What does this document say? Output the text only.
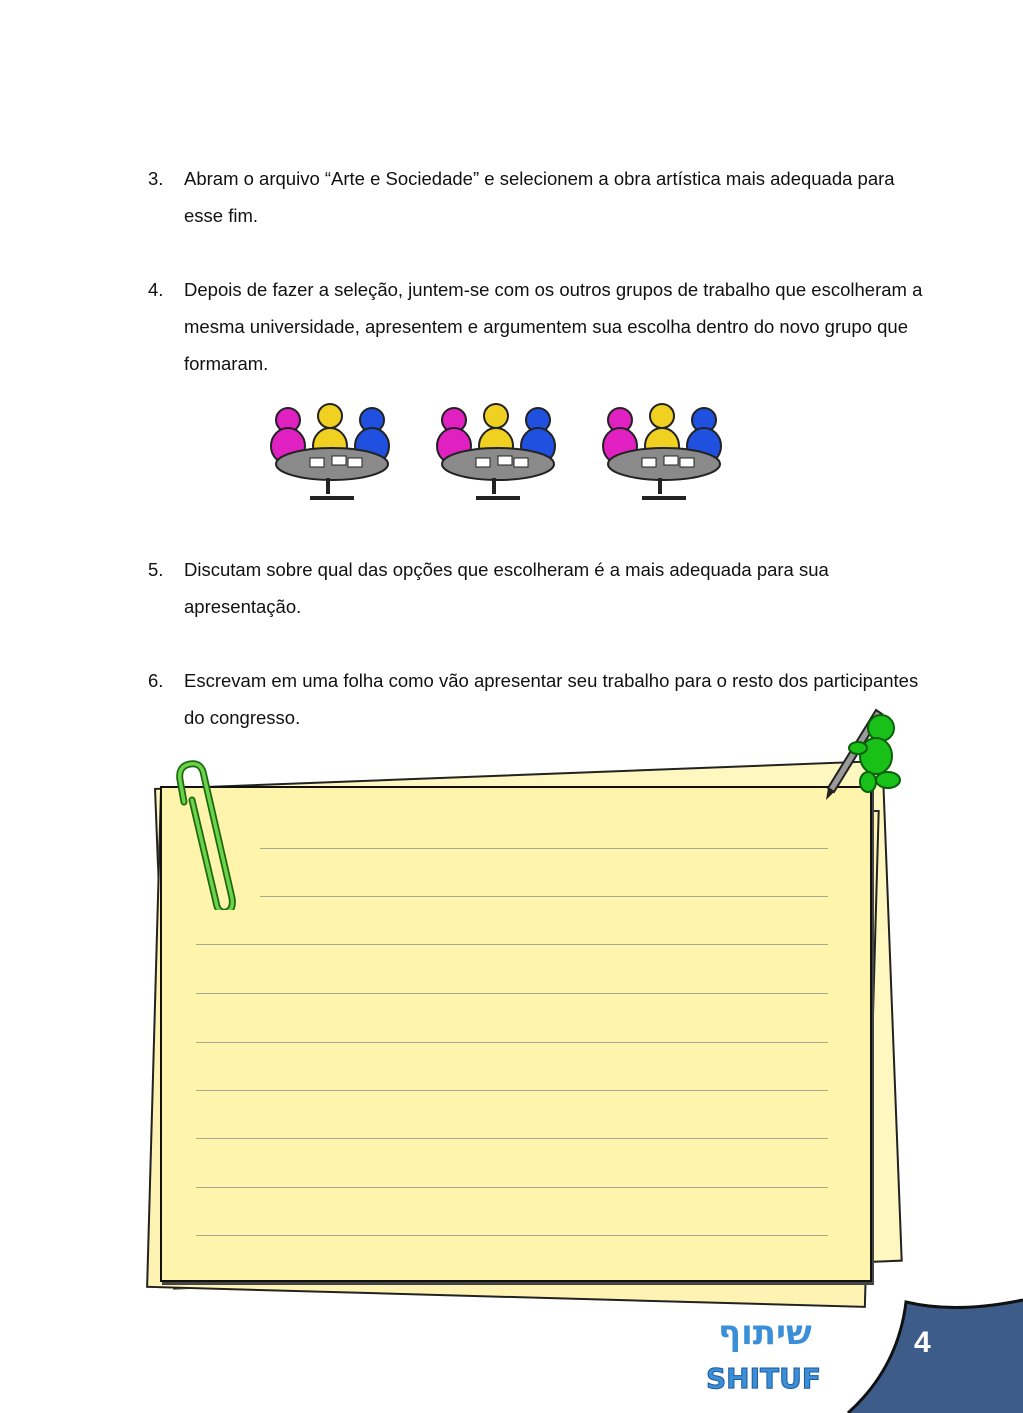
3.	Abram o arquivo “Arte e Sociedade” e selecionem a obra artística mais adequada para esse fim.
4.	Depois de fazer a seleção, juntem-se com os outros grupos de trabalho que escolheram a mesma universidade, apresentem e argumentem sua escolha dentro do novo grupo que formaram.
5.	Discutam sobre qual das opções que escolheram é a mais adequada para sua apresentação.
6.	Escrevam em uma folha como vão apresentar seu trabalho para o resto dos participantes do congresso.
שיתוף
SHITUF
4
